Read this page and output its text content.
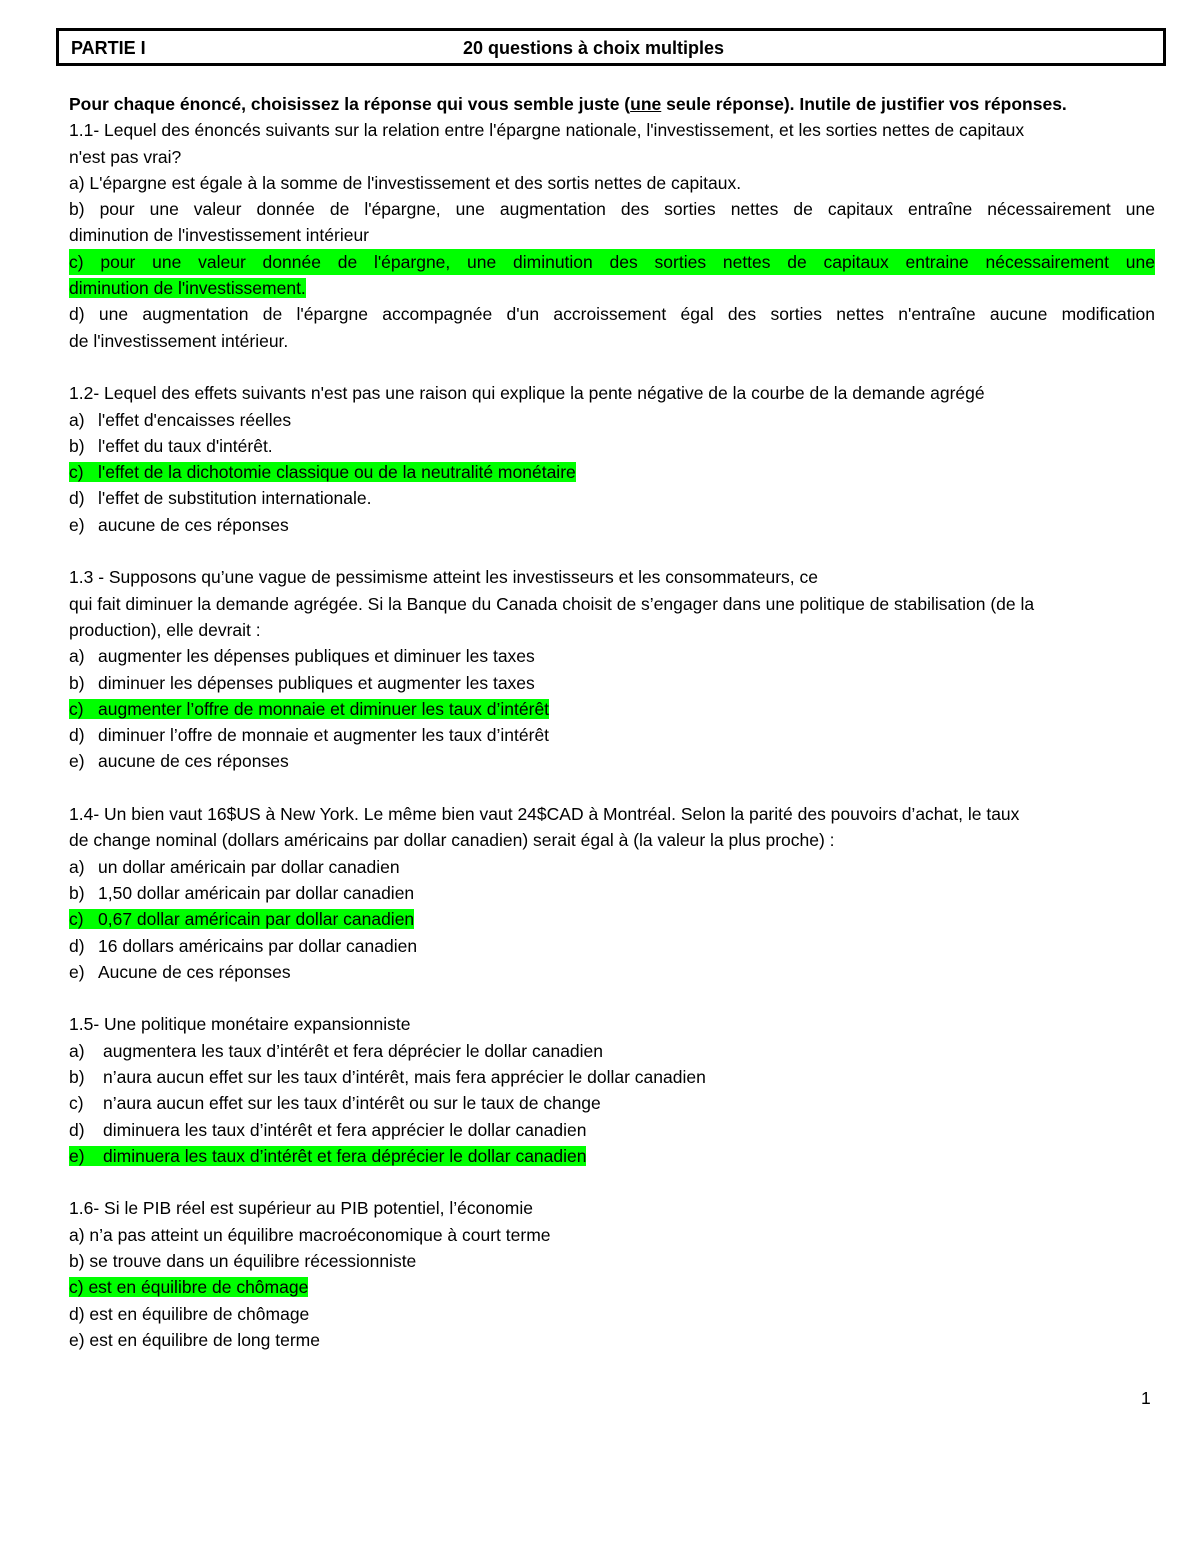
PARTIE I	20 questions à choix multiples
Pour chaque énoncé, choisissez la réponse qui vous semble juste (une seule réponse). Inutile de justifier vos réponses.
1.1- Lequel des énoncés suivants sur la relation entre l'épargne nationale, l'investissement, et les sorties nettes de capitaux
n'est pas vrai?
a) L'épargne est égale à la somme de l'investissement et des sortis nettes de capitaux.
b) pour une valeur donnée de l'épargne, une augmentation des sorties nettes de capitaux entraîne nécessairement une
diminution de l'investissement intérieur
c) pour une valeur donnée de l'épargne, une diminution des sorties nettes de capitaux entraine nécessairement une
diminution de l'investissement.
d) une augmentation de l'épargne accompagnée d'un accroissement égal des sorties nettes n'entraîne aucune modification
de l'investissement intérieur.
1.2- Lequel des effets suivants n'est pas une raison qui explique la pente négative de la courbe de la demande agrégé
a) l'effet d'encaisses réelles
b) l'effet du taux d'intérêt.
c) l'effet de la dichotomie classique ou de la neutralité monétaire
d) l'effet de substitution internationale.
e) aucune de ces réponses
1.3 - Supposons qu’une vague de pessimisme atteint les investisseurs et les consommateurs, ce
qui fait diminuer la demande agrégée. Si la Banque du Canada choisit de s’engager dans une politique de stabilisation (de la
production), elle devrait :
a) augmenter les dépenses publiques et diminuer les taxes
b) diminuer les dépenses publiques et augmenter les taxes
c) augmenter l’offre de monnaie et diminuer les taux d’intérêt
d) diminuer l’offre de monnaie et augmenter les taux d’intérêt
e) aucune de ces réponses
1.4- Un bien vaut 16$US à New York. Le même bien vaut 24$CAD à Montréal. Selon la parité des pouvoirs d’achat, le taux
de change nominal (dollars américains par dollar canadien) serait égal à (la valeur la plus proche) :
a) un dollar américain par dollar canadien
b) 1,50 dollar américain par dollar canadien
c) 0,67 dollar américain par dollar canadien
d) 16 dollars américains par dollar canadien
e) Aucune de ces réponses
1.5- Une politique monétaire expansionniste
a) augmentera les taux d’intérêt et fera déprécier le dollar canadien
b) n’aura aucun effet sur les taux d’intérêt, mais fera apprécier le dollar canadien
c) n’aura aucun effet sur les taux d’intérêt ou sur le taux de change
d) diminuera les taux d’intérêt et fera apprécier le dollar canadien
e) diminuera les taux d’intérêt et fera déprécier le dollar canadien
1.6- Si le PIB réel est supérieur au PIB potentiel, l’économie
a) n’a pas atteint un équilibre macroéconomique à court terme
b) se trouve dans un équilibre récessionniste
c) est en équilibre de chômage
d) est en équilibre de chômage
e) est en équilibre de long terme
1
